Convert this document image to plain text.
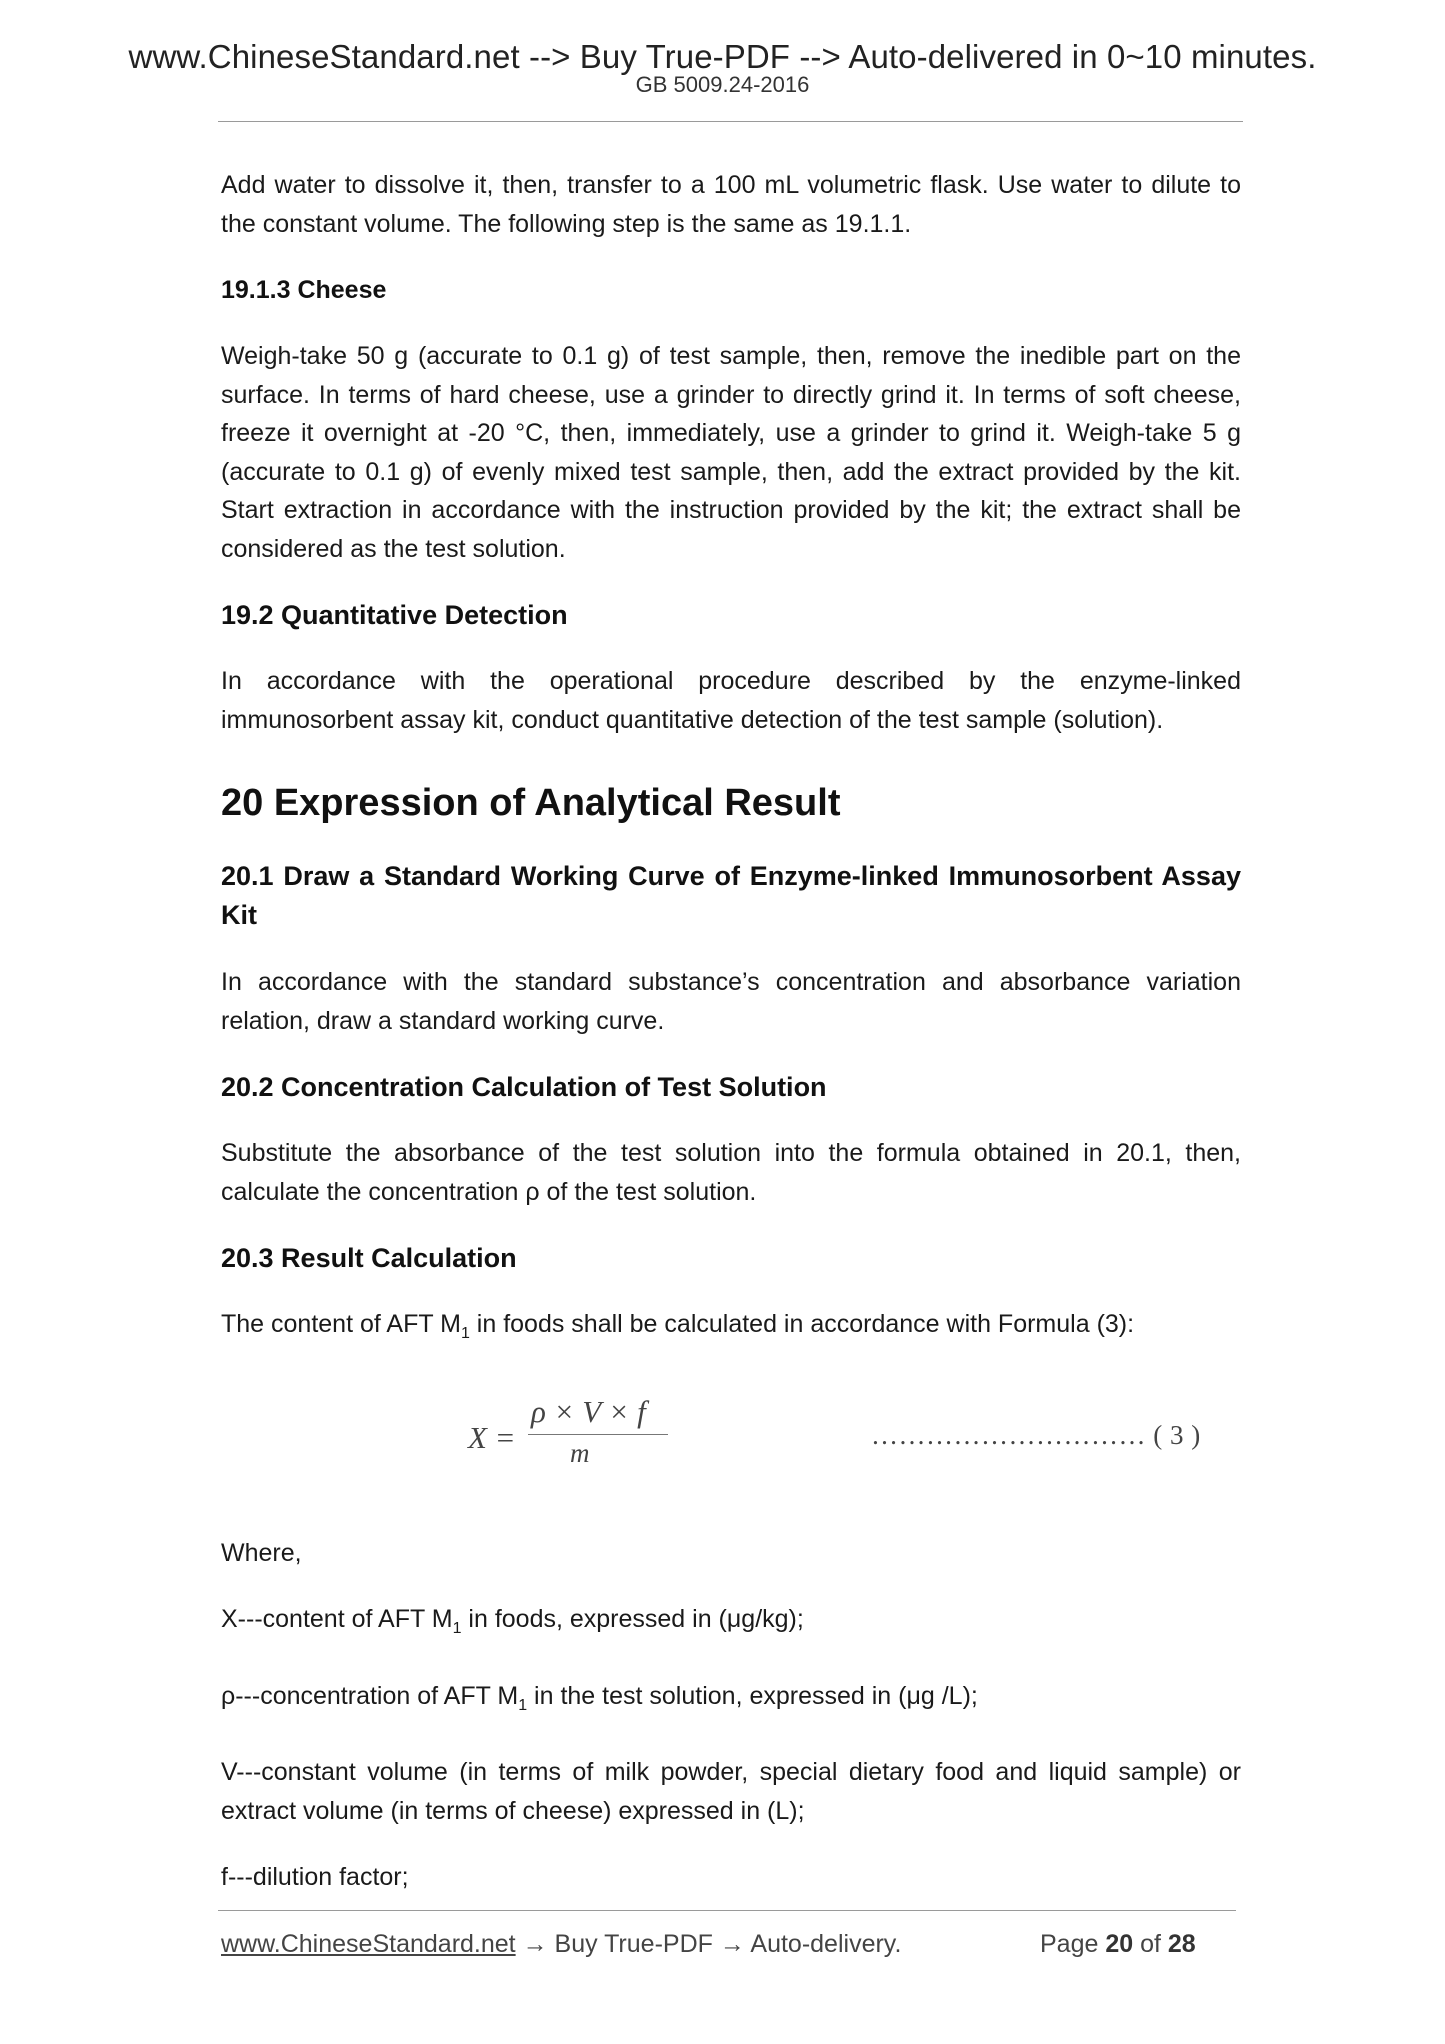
www.ChineseStandard.net --> Buy True-PDF --> Auto-delivered in 0~10 minutes.
GB 5009.24-2016

Add water to dissolve it, then, transfer to a 100 mL volumetric flask. Use water to dilute to the constant volume. The following step is the same as 19.1.1.

19.1.3 Cheese

Weigh-take 50 g (accurate to 0.1 g) of test sample, then, remove the inedible part on the surface. In terms of hard cheese, use a grinder to directly grind it. In terms of soft cheese, freeze it overnight at -20 °C, then, immediately, use a grinder to grind it. Weigh-take 5 g (accurate to 0.1 g) of evenly mixed test sample, then, add the extract provided by the kit. Start extraction in accordance with the instruction provided by the kit; the extract shall be considered as the test solution.

19.2 Quantitative Detection

In accordance with the operational procedure described by the enzyme-linked immunosorbent assay kit, conduct quantitative detection of the test sample (solution).

20 Expression of Analytical Result
20.1 Draw a Standard Working Curve of Enzyme-linked Immunosorbent Assay Kit

In accordance with the standard substance’s concentration and absorbance variation relation, draw a standard working curve.

20.2 Concentration Calculation of Test Solution

Substitute the absorbance of the test solution into the formula obtained in 20.1, then, calculate the concentration ρ of the test solution.

20.3 Result Calculation

The content of AFT $M_1$ in foods shall be calculated in accordance with Formula (3):

X =
ρ × V × f
m
………………………… ( 3 )

Where,

X---content of AFT $M_1$ in foods, expressed in (μg/kg);

ρ---concentration of AFT $M_1$ in the test solution, expressed in (μg /L);

V---constant volume (in terms of milk powder, special dietary food and liquid sample) or extract volume (in terms of cheese) expressed in (L);

f---dilution factor;

www.ChineseStandard.net → Buy True-PDF → Auto-delivery.	Page 20 of 28
